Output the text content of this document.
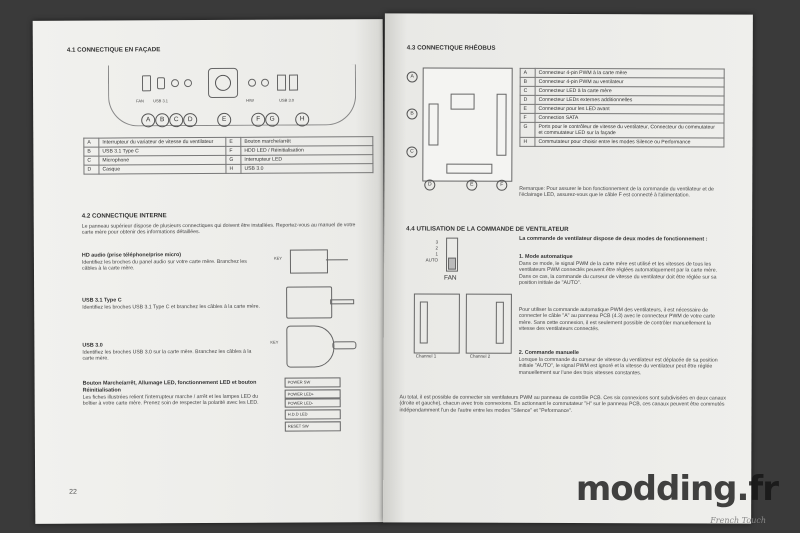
4.1 CONNECTIQUE EN FAÇADE
FAN USB 3.1	H/W	USB 3.0
A	B	C	D	E	F	G	H
A	Interrupteur du variateur de vitesse du ventilateur	E	Bouton marche/arrêt
B	USB 3.1 Type C	F	HDD LED / Réinitialisation
C	Microphone	G	Interrupteur LED
D	Casque	H	USB 3.0
4.2 CONNECTIQUE INTERNE
Le panneau supérieur dispose de plusieurs connectiques qui doivent être installées. Reportez-vous au manuel de votre carte mère pour obtenir des informations détaillées.
HD audio (prise téléphone/prise micro)
Identifiez les broches du panel audio sur votre carte mère. Branchez les câbles à la carte mère.
KEY
USB 3.1 Type C
Identifiez les broches USB 3.1 Type C et branchez les câbles à la carte mère.
USB 3.0
Identifiez les broches USB 3.0 sur la carte mère. Branchez les câbles à la carte mère.
KEY
Bouton Marche/arrêt, Allumage LED, fonctionnement LED et bouton Réinitialisation
Les fiches illustrées relient l'interrupteur marche / arrêt et les lampes LED du boîtier à votre carte mère. Prenez soin de respecter la polarité avec les LED.
POWER SW
POWER LED+
POWER LED-
H.D.D LED
RESET SW
22
4.3 CONNECTIQUE RHÉOBUS
A
B
C
D	E	F
A	Connecteur 4-pin PWM à la carte mère
B	Connecteur 4-pin PWM au ventilateur
C	Connecteur LED à la carte mère
D	Connecteur LEDs externes additionnelles
E	Connecteur pour les LED avant
F	Connection SATA
G	Ports pour le contrôleur de vitesse du ventilateur, Connecteur du commutateur et commutateur LED sur la façade
H	Commutateur pour choisir entre les modes Silence ou Performance
Remarque: Pour assurer le bon fonctionnement de la commande du ventilateur et de l'éclairage LED, assurez-vous que le câble F est connecté à l'alimentation.
4.4 UTILISATION DE LA COMMANDE DE VENTILATEUR
3
2
1
AUTO
FAN
Channel 1	Channel 2
La commande de ventilateur dispose de deux modes de fonctionnement :
1. Mode automatique
Dans ce mode, le signal PWM de la carte mère est utilisé et les vitesses de tous les ventilateurs PWM connectés peuvent être réglées automatiquement par la carte mère. Dans ce cas, la commande du curseur de vitesse du ventilateur doit être réglée sur sa position initiale de "AUTO".
Pour utiliser la commande automatique PWM des ventilateurs, il est nécessaire de connecter le câble "A" au panneau PCB (4.3) avec le connecteur PWM de votre carte mère. Sans cette connexion, il est seulement possible de contrôler manuellement la vitesse des ventilateurs connectés.
2. Commande manuelle
Lorsque la commande du curseur de vitesse du ventilateur est déplacée de sa position initiale "AUTO", le signal PWM est ignoré et la vitesse du ventilateur peut être réglée manuellement sur l'une des trois vitesses constantes.
Au total, il est possible de connecter six ventilateurs PWM au panneau de contrôle PCB. Ces six connexions sont subdivisées en deux canaux (droite et gauche), chacun avec trois connexions. En actionnant le commutateur "H" sur le panneau PCB, ces canaux peuvent être commutés indépendamment l'un de l'autre entre les modes "Silence" et "Peformance".
modding.fr
French Touch
